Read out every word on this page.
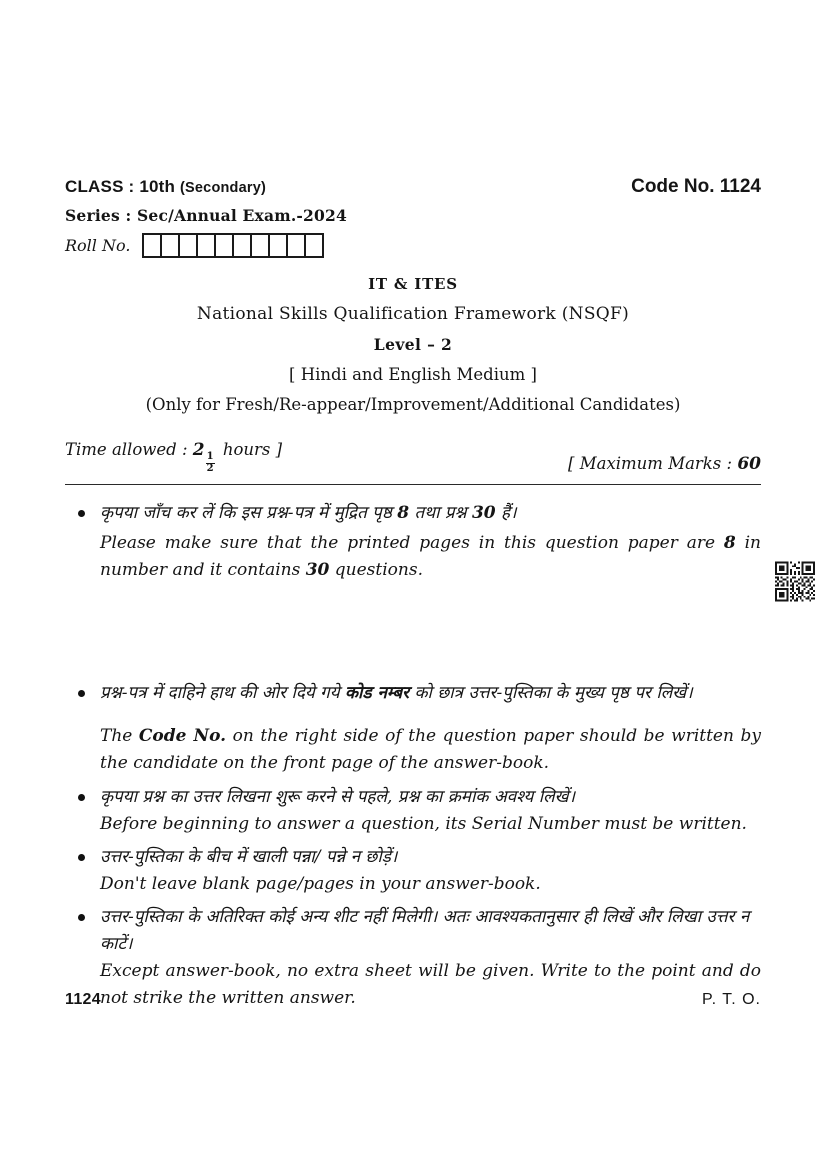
CLASS : 10th (Secondary)	Code No. 1124
Series : Sec/Annual Exam.-2024
Roll No.
IT & ITES
National Skills Qualification Framework (NSQF)
Level – 2
[ Hindi and English Medium ]
(Only for Fresh/Re-appear/Improvement/Additional Candidates)
Time allowed : 2
$\frac{1}{2}$
hours ]
[ Maximum Marks : 60
कृपया जाँच कर लें कि इस प्रश्न-पत्र में मुद्रित पृष्ठ 8 तथा प्रश्न 30 हैं।
Please make sure that the printed pages in this question paper are 8 in number and it contains 30 questions.
प्रश्न-पत्र में दाहिने हाथ की ओर दिये गये कोड नम्बर को छात्र उत्तर-पुस्तिका के मुख्य पृष्ठ पर लिखें।
The Code No. on the right side of the question paper should be written by the candidate on the front page of the answer-book.
कृपया प्रश्न का उत्तर लिखना शुरू करने से पहले, प्रश्न का क्रमांक अवश्य लिखें।
Before beginning to answer a question, its Serial Number must be written.
उत्तर-पुस्तिका के बीच में खाली पन्ना/ पन्ने न छोड़ें।
Don't leave blank page/pages in your answer-book.
उत्तर-पुस्तिका के अतिरिक्त कोई अन्य शीट नहीं मिलेगी। अतः आवश्यकतानुसार ही लिखें और लिखा उत्तर न काटें।
Except answer-book, no extra sheet will be given. Write to the point and do not strike the written answer.
1124	P. T. O.
